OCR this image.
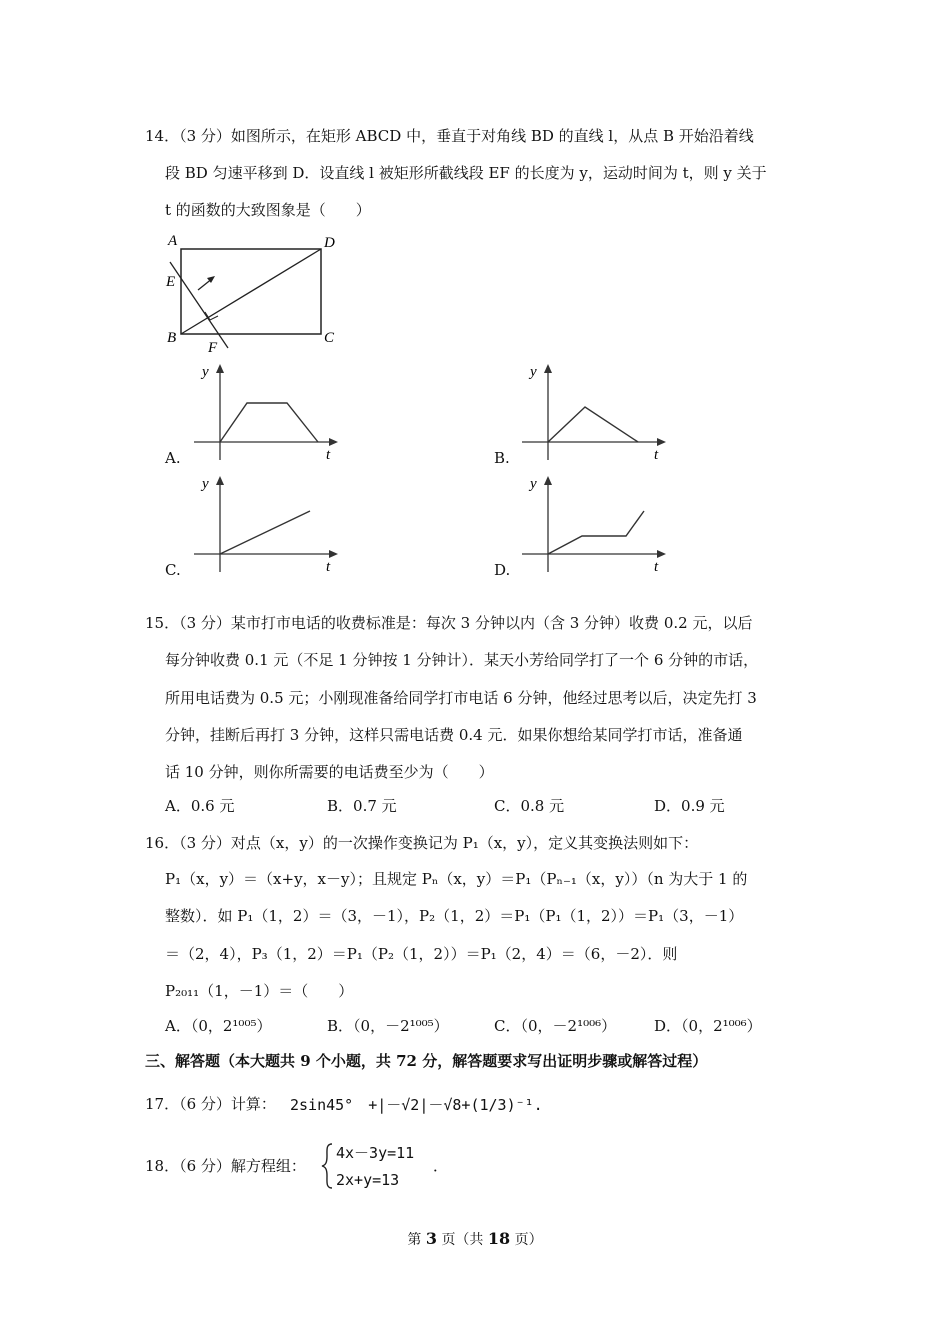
14．（3 分）如图所示，在矩形 ABCD 中，垂直于对角线 BD 的直线 l，从点 B 开始沿着线
段 BD 匀速平移到 D．设直线 l 被矩形所截线段 EF 的长度为 y，运动时间为 t，则 y 关于
t 的函数的大致图象是（　　）
A	D
E
B	C
F
A.
y
t	B.
y
t
C.
y
t	D.
y
t
15．（3 分）某市打市电话的收费标准是：每次 3 分钟以内（含 3 分钟）收费 0.2 元，以后
每分钟收费 0.1 元（不足 1 分钟按 1 分钟计）．某天小芳给同学打了一个 6 分钟的市话，
所用电话费为 0.5 元；小刚现准备给同学打市电话 6 分钟，他经过思考以后，决定先打 3
分钟，挂断后再打 3 分钟，这样只需电话费 0.4 元．如果你想给某同学打市话，准备通
话 10 分钟，则你所需要的电话费至少为（　　）
A．0.6 元	B．0.7 元	C．0.8 元	D．0.9 元
16．（3 分）对点（x，y）的一次操作变换记为 P₁（x，y），定义其变换法则如下：
P₁（x，y）＝（x+y，x－y）；且规定 Pₙ（x，y）＝P₁（Pₙ₋₁（x，y））（n 为大于 1 的
整数）．如 P₁（1，2）＝（3，－1），P₂（1，2）＝P₁（P₁（1，2））＝P₁（3，－1）
＝（2，4），P₃（1，2）＝P₁（P₂（1，2））＝P₁（2，4）＝（6，－2）．则
P₂₀₁₁（1，－1）＝（　　）
A．（0，2¹⁰⁰⁵）	B．（0，－2¹⁰⁰⁵）	C．（0，－2¹⁰⁰⁶）	D．（0，2¹⁰⁰⁶）
三、解答题（本大题共 9 个小题，共 72 分，解答题要求写出证明步骤或解答过程）
17．（6 分）计算： 2sin45°　+|－√2|－√8+(1/3)⁻¹.
18．（6 分）解方程组：
4x－3y=11
2x+y=13
．
第 3 页（共 18 页）
